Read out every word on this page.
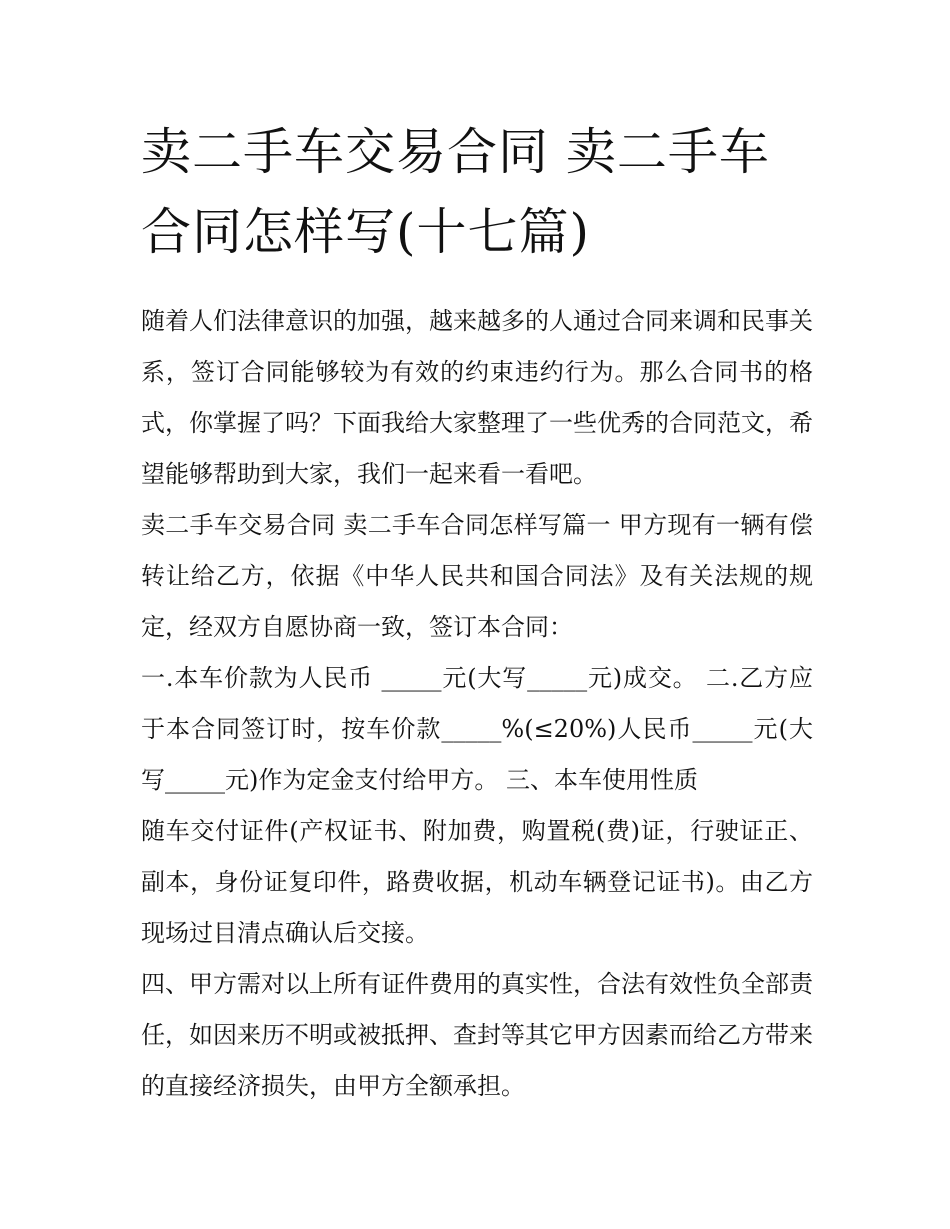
卖二手车交易合同 卖二手车合同怎样写(十七篇)

随着人们法律意识的加强，越来越多的人通过合同来调和民事关系，签订合同能够较为有效的约束违约行为。那么合同书的格式，你掌握了吗？下面我给大家整理了一些优秀的合同范文，希望能够帮助到大家，我们一起来看一看吧。

卖二手车交易合同 卖二手车合同怎样写篇一 甲方现有一辆有偿转让给乙方，依据《中华人民共和国合同法》及有关法规的规定，经双方自愿协商一致，签订本合同：

一.本车价款为人民币 _____元(大写_____元)成交。 二.乙方应于本合同签订时，按车价款_____%(≤20%)人民币_____元(大写_____元)作为定金支付给甲方。 三、本车使用性质

随车交付证件(产权证书、附加费，购置税(费)证，行驶证正、副本，身份证复印件，路费收据，机动车辆登记证书)。由乙方现场过目清点确认后交接。

四、甲方需对以上所有证件费用的真实性，合法有效性负全部责任，如因来历不明或被抵押、查封等其它甲方因素而给乙方带来的直接经济损失，由甲方全额承担。
